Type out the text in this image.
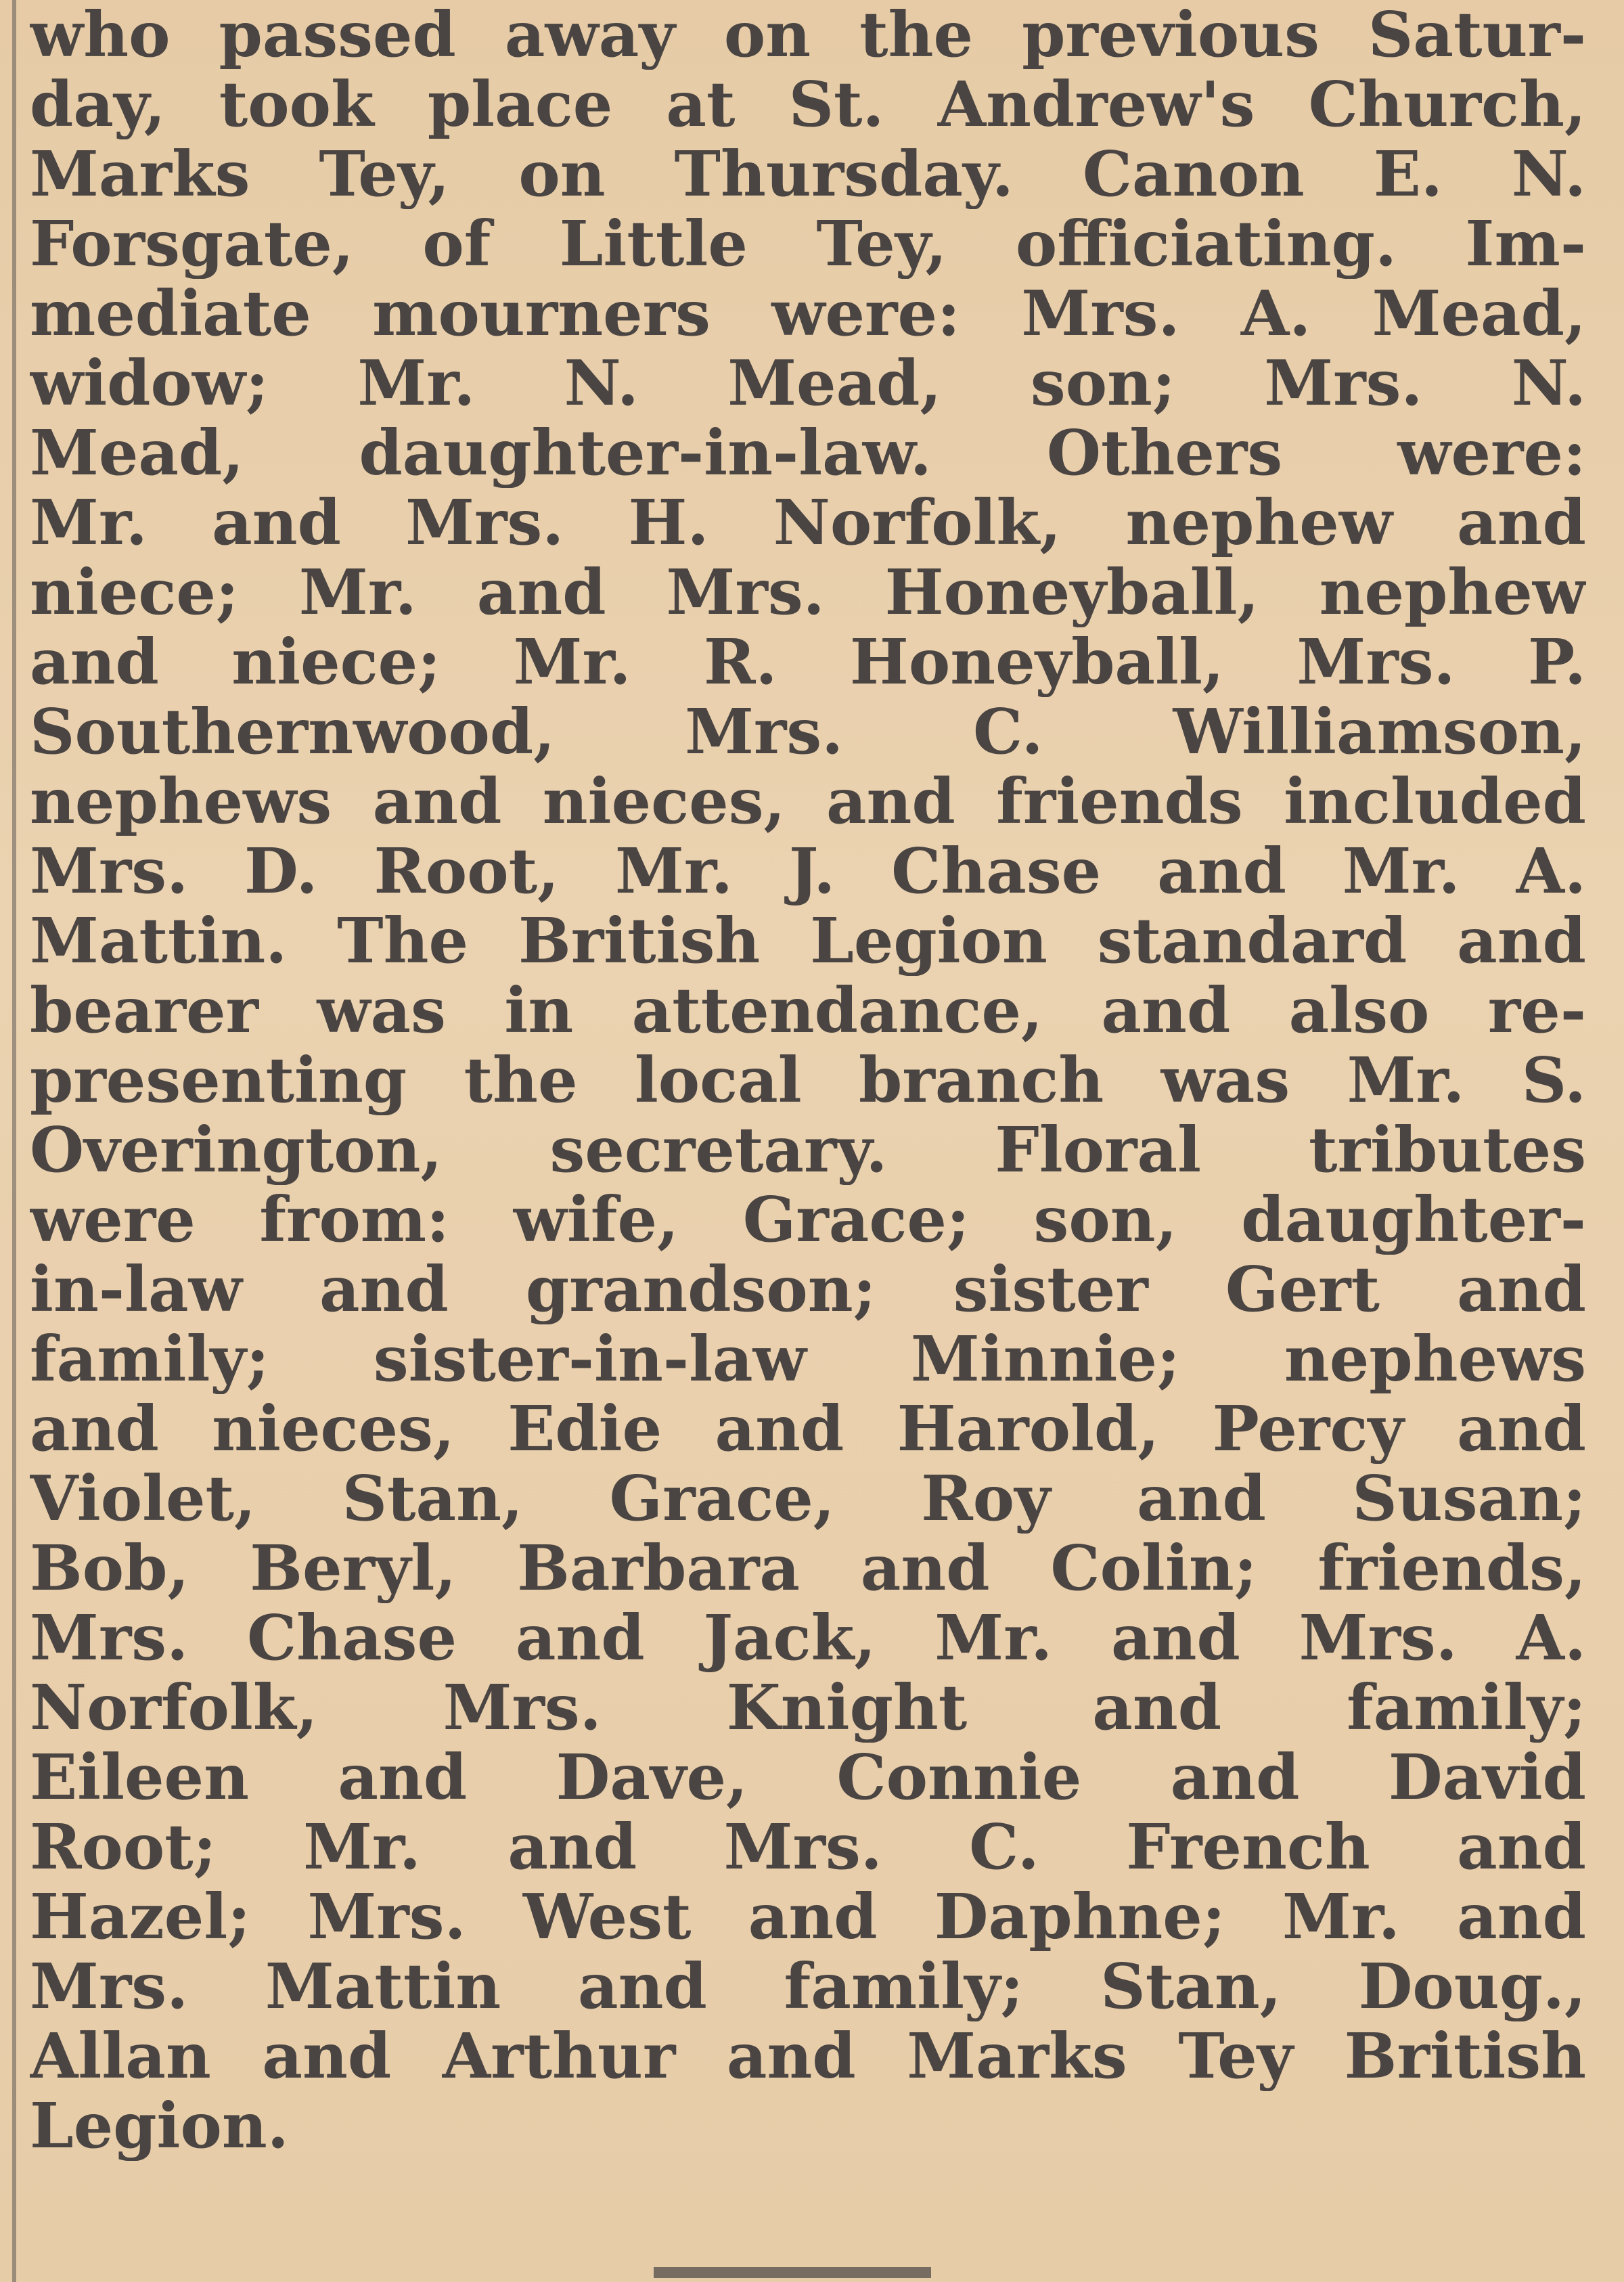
who passed away on the previous Satur-
day, took place at St. Andrew's Church,
Marks Tey, on Thursday. Canon E. N.
Forsgate, of Little Tey, officiating. Im-
mediate mourners were: Mrs. A. Mead,
widow; Mr. N. Mead, son; Mrs. N.
Mead, daughter-in-law. Others were:
Mr. and Mrs. H. Norfolk, nephew and
niece; Mr. and Mrs. Honeyball, nephew
and niece; Mr. R. Honeyball, Mrs. P.
Southernwood, Mrs. C. Williamson,
nephews and nieces, and friends included
Mrs. D. Root, Mr. J. Chase and Mr. A.
Mattin. The British Legion standard and
bearer was in attendance, and also re-
presenting the local branch was Mr. S.
Overington, secretary. Floral tributes
were from: wife, Grace; son, daughter-
in-law and grandson; sister Gert and
family; sister-in-law Minnie; nephews
and nieces, Edie and Harold, Percy and
Violet, Stan, Grace, Roy and Susan;
Bob, Beryl, Barbara and Colin; friends,
Mrs. Chase and Jack, Mr. and Mrs. A.
Norfolk, Mrs. Knight and family;
Eileen and Dave, Connie and David
Root; Mr. and Mrs. C. French and
Hazel; Mrs. West and Daphne; Mr. and
Mrs. Mattin and family; Stan, Doug.,
Allan and Arthur and Marks Tey British
Legion.
